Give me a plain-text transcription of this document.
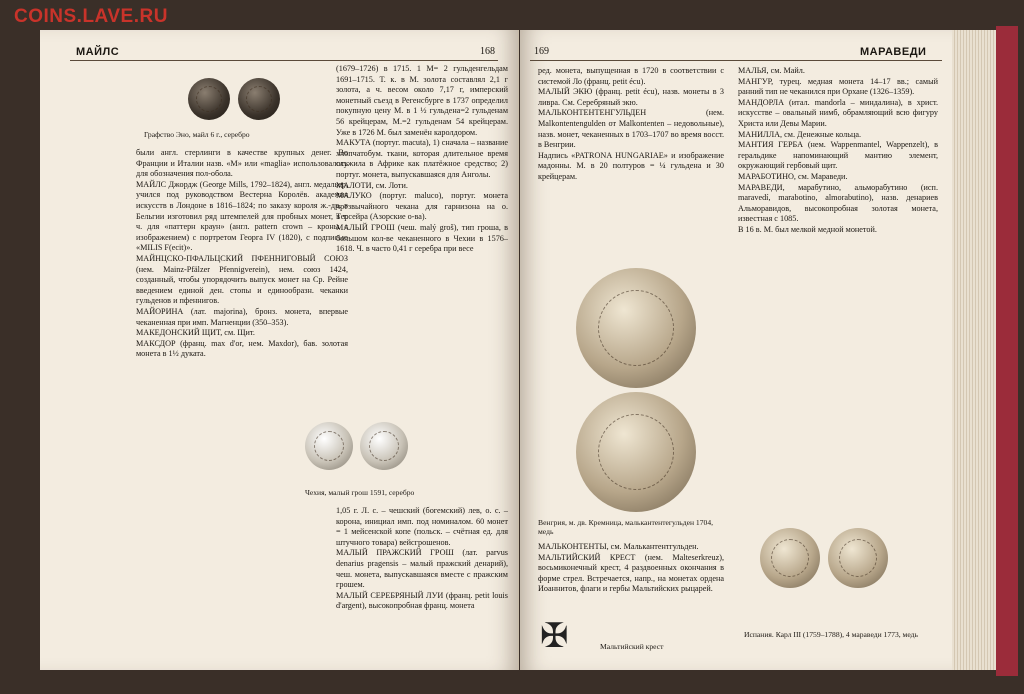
COINS.LAVE.RU
МАЙЛС	168
Графство Эно, майл 6 г., серебро

были англ. стерлинги в качестве крупных денег. Во Франции и Италии назв. «M» или «maglia» использовалось для обозначения пол-обола.

МАЙЛС Джордж (George Mills, 1792–1824), англ. медальер, учился под руководством Вестерна Королёв. академия искусств в Лондоне в 1816–1824; по заказу короля ж.-др. в Бельгии изготовил ряд штемпелей для пробных монет, в т. ч. для «паттерн краун» (англ. pattern crown – кроны с изображением) с портретом Георга IV (1820), с подписью «MILIS F(ecit)».

МАЙНЦСКО-ПФАЛЬЦСКИЙ ПФЕННИГОВЫЙ СОЮЗ (нем. Mainz-Pfälzer Pfennigverein), нем. союз 1424, созданный, чтобы упорядочить выпуск монет на Ср. Рейне введением единой ден. стопы и единообразн. чеканки гульденов и пфеннигов.

МАЙОРИНА (лат. majorina), бронз. монета, впервые чеканенная при имп. Магненции (350–353).

МАКЕДОНСКИЙ ЩИТ, см. Щит.

МАКСДОР (франц. max d'or, нем. Maxdor), бав. золотая монета в 1½ дуката.

(1679–1726) в 1715. 1 M= 2 гульденгельдам 1691–1715. Т. к. в М. золота составлял 2,1 г золота, а ч. весом около 7,17 г, имперский монетный съезд в Регенсбурге в 1737 определил покупную цену М. в 1 ½ гульдена=2 гульденам 56 крейцерам, М.=2 гульденам 54 крейцерам. Уже в 1726 М. был заменён каролдором.

МАКУТА (португ. macuta), 1) сначала – название хлопчатобум. ткани, которая длительное время служила в Африке как платёжное средство; 2) португ. монета, выпускавшаяся для Анголы.

МАЛОТИ, см. Лоти.

МАЛУКО (португ. maluco), португ. монета чрезвычайного чекана для гарнизона на о. Терсейра (Азорские о-ва).

МАЛЫЙ ГРОШ (чеш. malý groš), тип гроша, в большом кол-ве чеканенного в Чехии в 1576–1618. Ч. в часто 0,41 г серебра при весе

Чехия, малый грош 1591, серебро

1,05 г. Л. с. – чешский (богемский) лев, о. с. – корона, инициал имп. под номиналом. 60 монет = 1 мейсенской копе (польск. – счётная ед. для штучного товара) вейсгрошенов.

МАЛЫЙ ПРАЖСКИЙ ГРОШ (лат. parvus denarius pragensis – малый пражский денарий), чеш. монета, выпускавшаяся вместе с пражским грошем.

МАЛЫЙ СЕРЕБРЯНЫЙ ЛУИ (франц. petit louis d'argent), высокопробная франц. монета

169	МАРАВЕДИ

ред. монета, выпущенная в 1720 в соответствии с системой Ло (франц. petit écu).

МАЛЫЙ ЭКЮ (франц. petit écu), назв. монеты в 3 ливра. См. Серебряный экю.

МАЛЬКОНТЕНТЕНГУЛЬДЕН (нем. Malkontentengulden от Malkontenten – недовольные), назв. монет, чеканенных в 1703–1707 во время восст. в Венгрии.

Надпись «PATRONA HUNGARIAE» и изображение мадонны. М. в 20 полтуров = ¼ гульдена и 30 крейцерам.

Венгрия, м. дв. Кремница, малькантентегульден 1704, медь

МАЛЬКОНТЕНТЫ, см. Малькантентгульден.

МАЛЬТИЙСКИЙ КРЕСТ (нем. Malteserkreuz), восьмиконечный крест, 4 раздвоенных окончания в форме стрел. Встречается, напр., на монетах ордена Иоаннитов, флаги и гербы Мальтийских рыцарей.

✠	Мальтийский крест

МАЛЬЯ, см. Майл.

МАНГУР, турец. медная монета 14–17 вв.; самый ранний тип не чеканился при Орхане (1326–1359).

МАНДОРЛА (итал. mandorla – миндалина), в христ. искусстве – овальный нимб, обрамляющий всю фигуру Христа или Девы Марии.

МАНИЛЛА, см. Денежные кольца.

МАНТИЯ ГЕРБА (нем. Wappenmantel, Wappenzelt), в геральдике напоминающий мантию элемент, окружающий гербовый щит.

МАРАБОТИНО, см. Мараведи.

МАРАВЕДИ, марабутино, альморабутино (исп. maravedí, marabotino, almorabutino), назв. денариев Альморавидов, высокопробная золотая монета, известная с 1085.

В 16 в. М. был мелкой медной монетой.

Испания. Карл III (1759–1788), 4 мараведи 1773, медь
